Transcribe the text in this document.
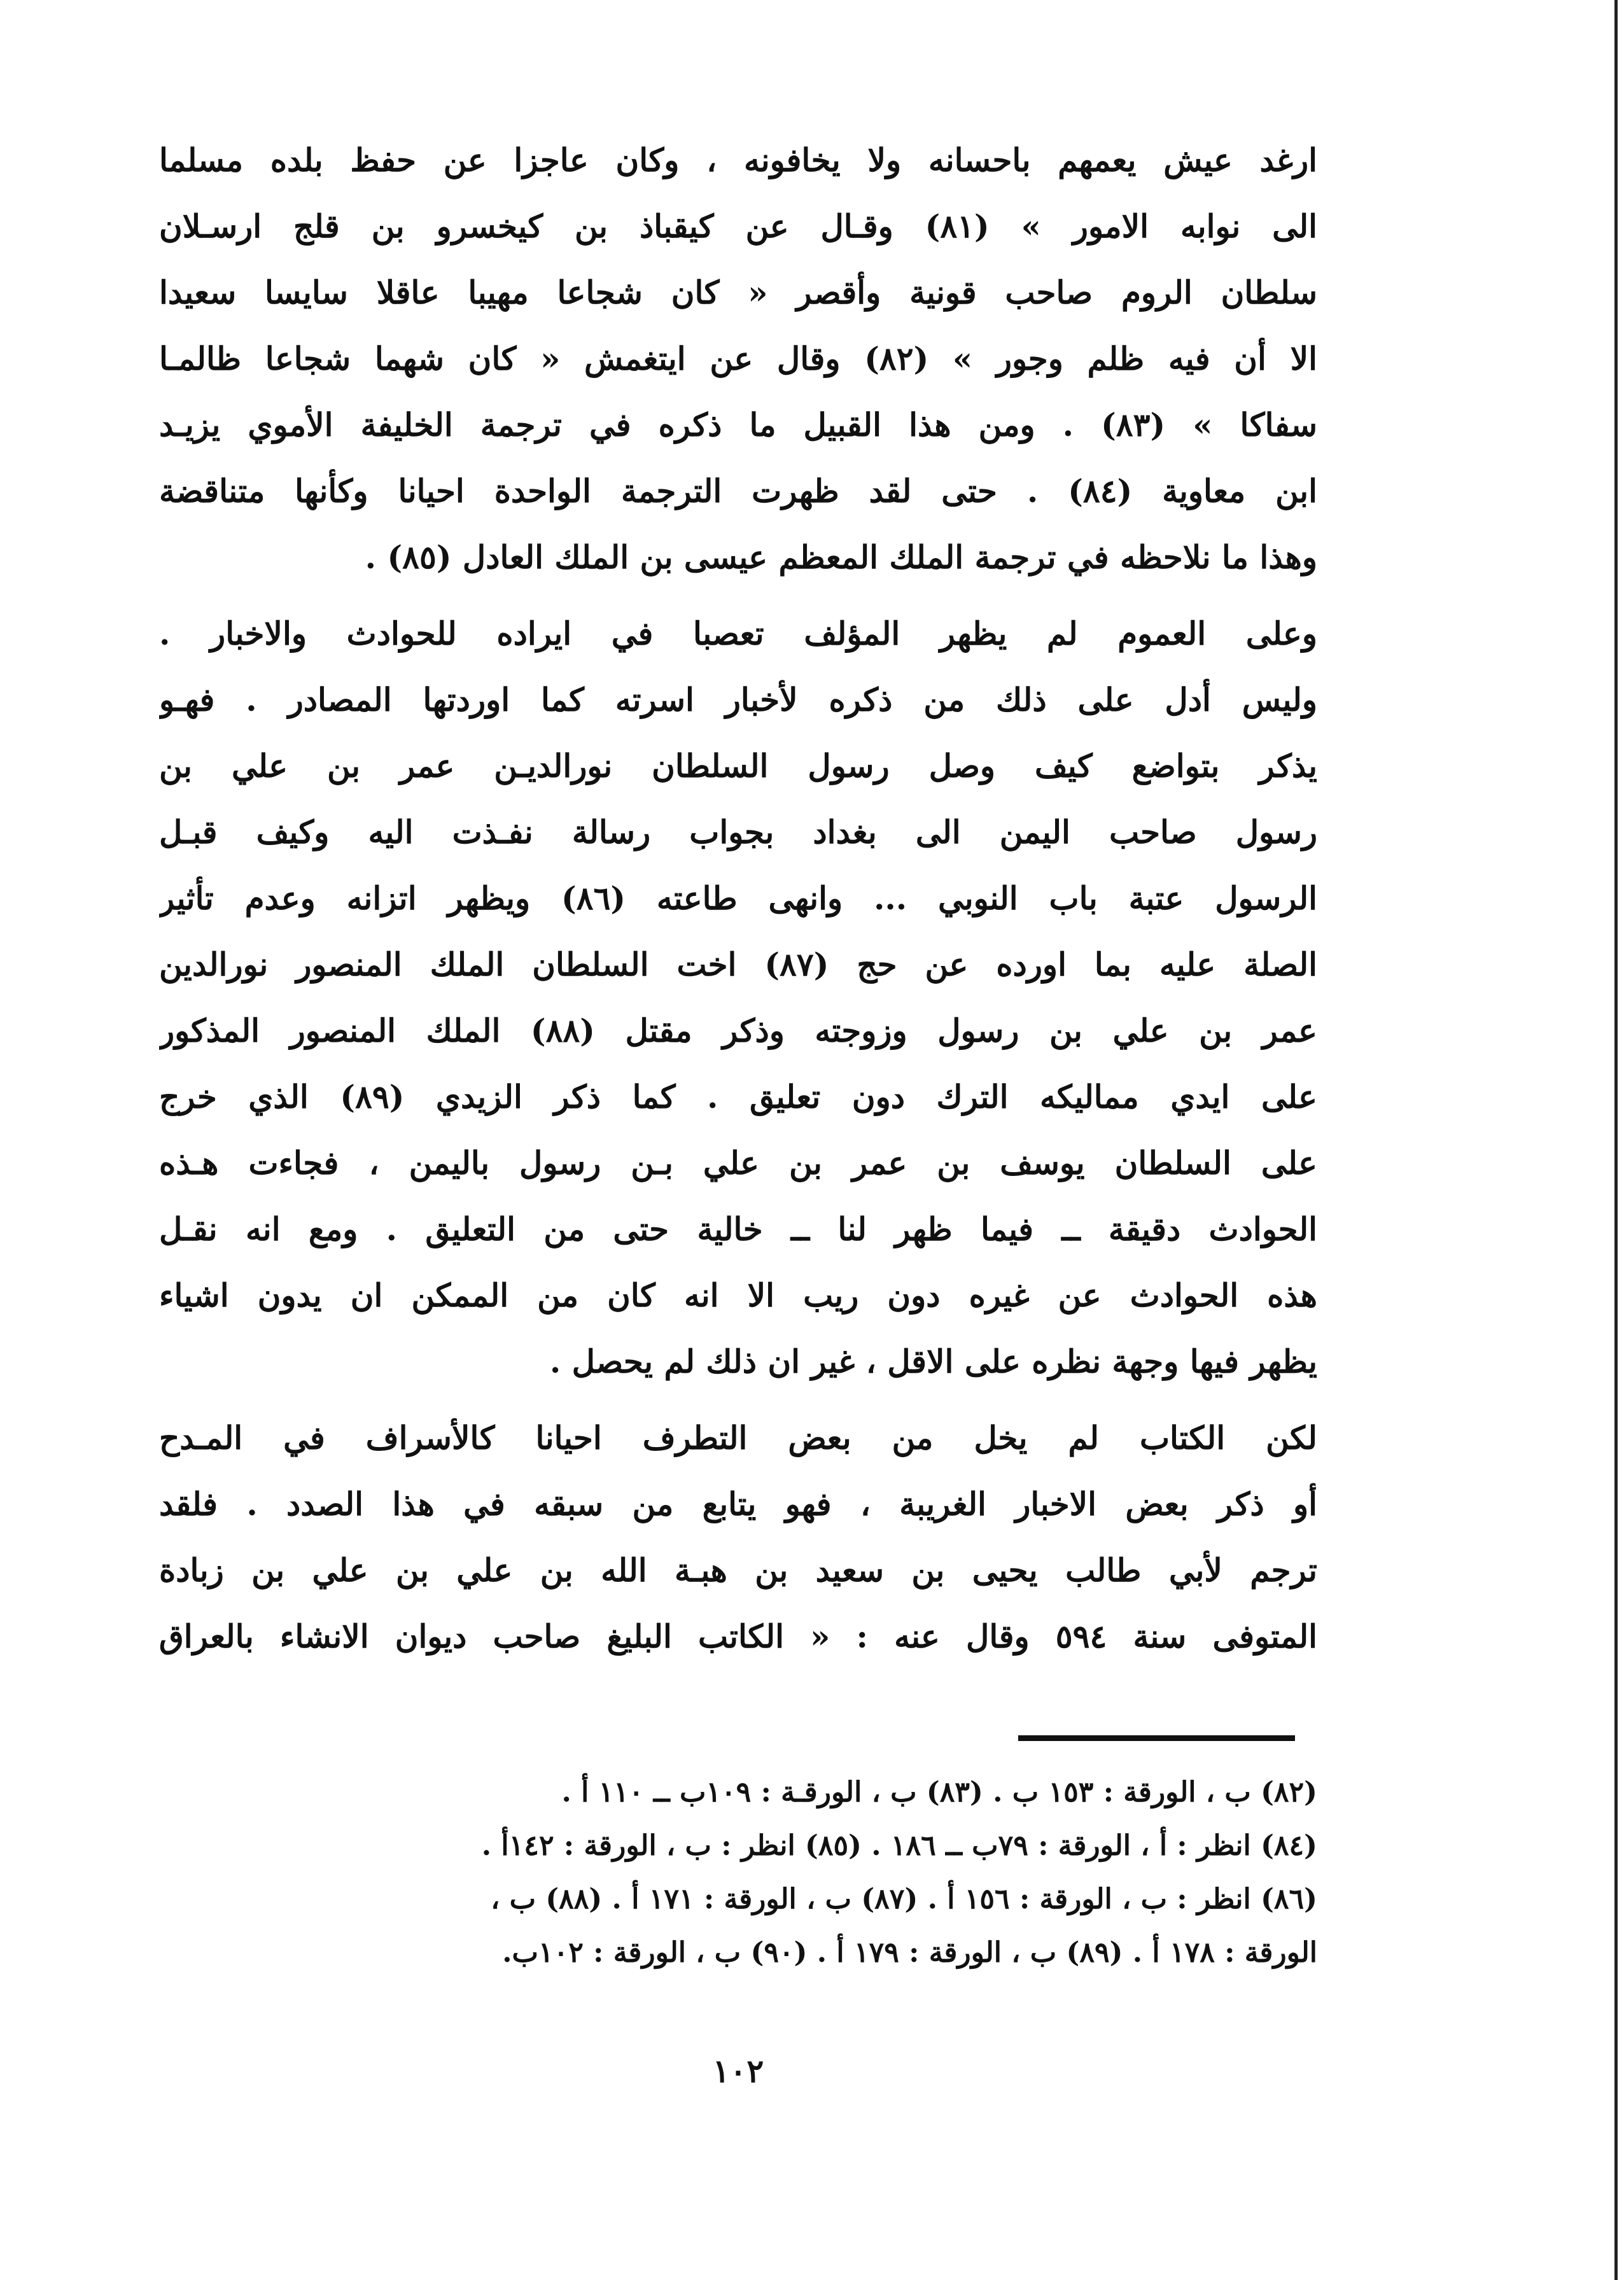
ارغد عيش يعمهم باحسانه ولا يخافونه ، وكان عاجزا عن حفظ بلده مسلما
الى نوابه الامور » (٨١) وقـال عن كيقباذ بن كيخسرو بن قلج ارسـلان
سلطان الروم صاحب قونية وأقصر « كان شجاعا مهيبا عاقلا سايسا سعيدا
الا أن فيه ظلم وجور » (٨٢) وقال عن ايتغمش « كان شهما شجاعا ظالمـا
سفاكا » (٨٣) . ومن هذا القبيل ما ذكره في ترجمة الخليفة الأموي يزيـد
ابن معاوية (٨٤) . حتى لقد ظهرت الترجمة الواحدة احيانا وكأنها متناقضة
وهذا ما نلاحظه في ترجمة الملك المعظم عيسى بن الملك العادل (٨٥) .
وعلى العموم لم يظهر المؤلف تعصبا في ايراده للحوادث والاخبار .
وليس أدل على ذلك من ذكره لأخبار اسرته كما اوردتها المصادر . فهـو
يذكر بتواضع كيف وصل رسول السلطان نورالديـن عمر بن علي بن
رسول صاحب اليمن الى بغداد بجواب رسالة نفـذت اليه وكيف قبـل
الرسول عتبة باب النوبي ... وانهى طاعته (٨٦) ويظهر اتزانه وعدم تأثير
الصلة عليه بما اورده عن حج (٨٧) اخت السلطان الملك المنصور نورالدين
عمر بن علي بن رسول وزوجته وذكر مقتل (٨٨) الملك المنصور المذكور
على ايدي مماليكه الترك دون تعليق . كما ذكر الزيدي (٨٩) الذي خرج
على السلطان يوسف بن عمر بن علي بـن رسول باليمن ، فجاءت هـذه
الحوادث دقيقة ــ فيما ظهر لنا ــ خالية حتى من التعليق . ومع انه نقـل
هذه الحوادث عن غيره دون ريب الا انه كان من الممكن ان يدون اشياء
يظهر فيها وجهة نظره على الاقل ، غير ان ذلك لم يحصل .
لكن الكتاب لم يخل من بعض التطرف احيانا كالأسراف في المـدح
أو ذكر بعض الاخبار الغريبة ، فهو يتابع من سبقه في هذا الصدد . فلقد
ترجم لأبي طالب يحيى بن سعيد بن هبـة الله بن علي بن علي بن زبادة
المتوفى سنة ٥٩٤ وقال عنه : « الكاتب البليغ صاحب ديوان الانشاء بالعراق
(٨٢) ب ، الورقة : ١٥٣ ب . (٨٣) ب ، الورقـة : ١٠٩ب ــ ١١٠ أ .
(٨٤) انظر : أ ، الورقة : ٧٩ب ــ ١٨٦ . (٨٥) انظر : ب ، الورقة : ١٤٢أ .
(٨٦) انظر : ب ، الورقة : ١٥٦ أ . (٨٧) ب ، الورقة : ١٧١ أ . (٨٨) ب ،
الورقة : ١٧٨ أ . (٨٩) ب ، الورقة : ١٧٩ أ . (٩٠) ب ، الورقة : ١٠٢ب.
١٠٢
